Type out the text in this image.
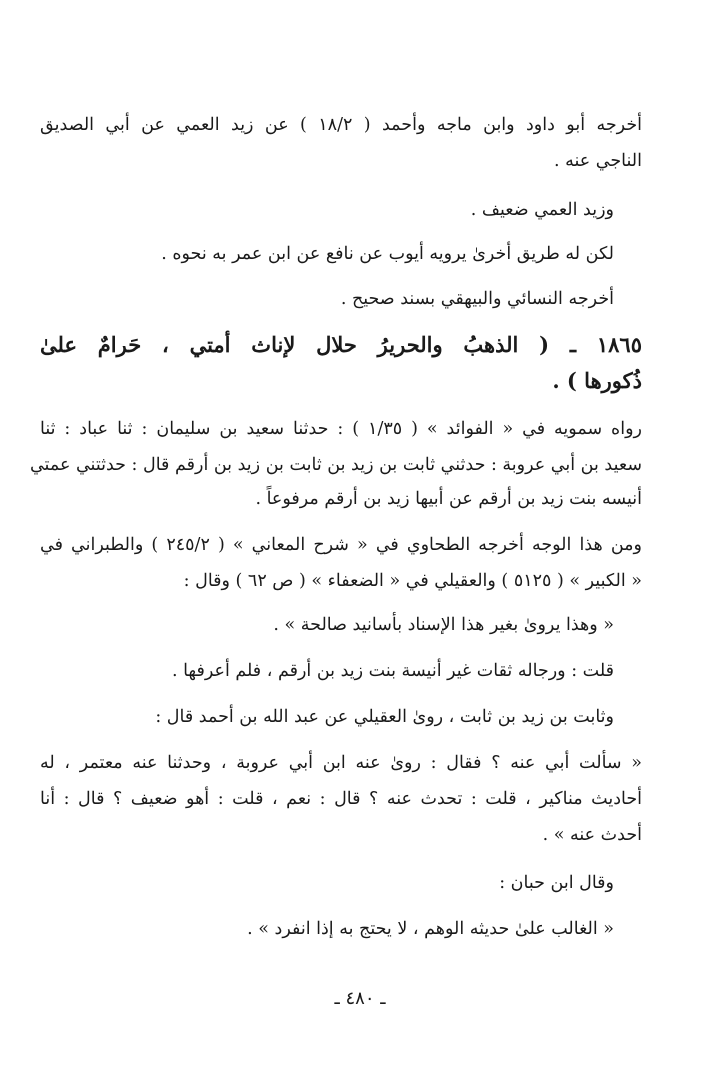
أخرجه أبو داود وابن ماجه وأحمد ( ١٨/٢ ) عن زيد العمي عن أبي الصديق
الناجي عنه .
وزيد العمي ضعيف .
لكن له طريق أخرىٰ يرويه أيوب عن نافع عن ابن عمر به نحوه .
أخرجه النسائي والبيهقي بسند صحيح .
١٨٦٥ ـ ( الذهبُ والحريرُ حلال لإناث أمتي ، حَرامٌ علىٰ
ذُكورها ) .
رواه سمويه في « الفوائد » ( ١/٣٥ ) : حدثنا سعيد بن سليمان : ثنا عباد : ثنا
سعيد بن أبي عروبة : حدثني ثابت بن زيد بن ثابت بن زيد بن أرقم قال : حدثتني عمتي
أنيسه بنت زيد بن أرقم عن أبيها زيد بن أرقم مرفوعاً .
ومن هذا الوجه أخرجه الطحاوي في « شرح المعاني » ( ٢٤٥/٢ ) والطبراني في
« الكبير » ( ٥١٢٥ ) والعقيلي في « الضعفاء » ( ص ٦٢ ) وقال :
« وهذا يروىٰ بغير هذا الإسناد بأسانيد صالحة » .
قلت : ورجاله ثقات غير أنيسة بنت زيد بن أرقم ، فلم أعرفها .
وثابت بن زيد بن ثابت ، روىٰ العقيلي عن عبد الله بن أحمد قال :
« سألت أبي عنه ؟ فقال : روىٰ عنه ابن أبي عروبة ، وحدثنا عنه معتمر ، له
أحاديث مناكير ، قلت : تحدث عنه ؟ قال : نعم ، قلت : أهو ضعيف ؟ قال : أنا
أحدث عنه » .
وقال ابن حبان :
« الغالب علىٰ حديثه الوهم ، لا يحتج به إذا انفرد » .
ـ ٤٨٠ ـ
